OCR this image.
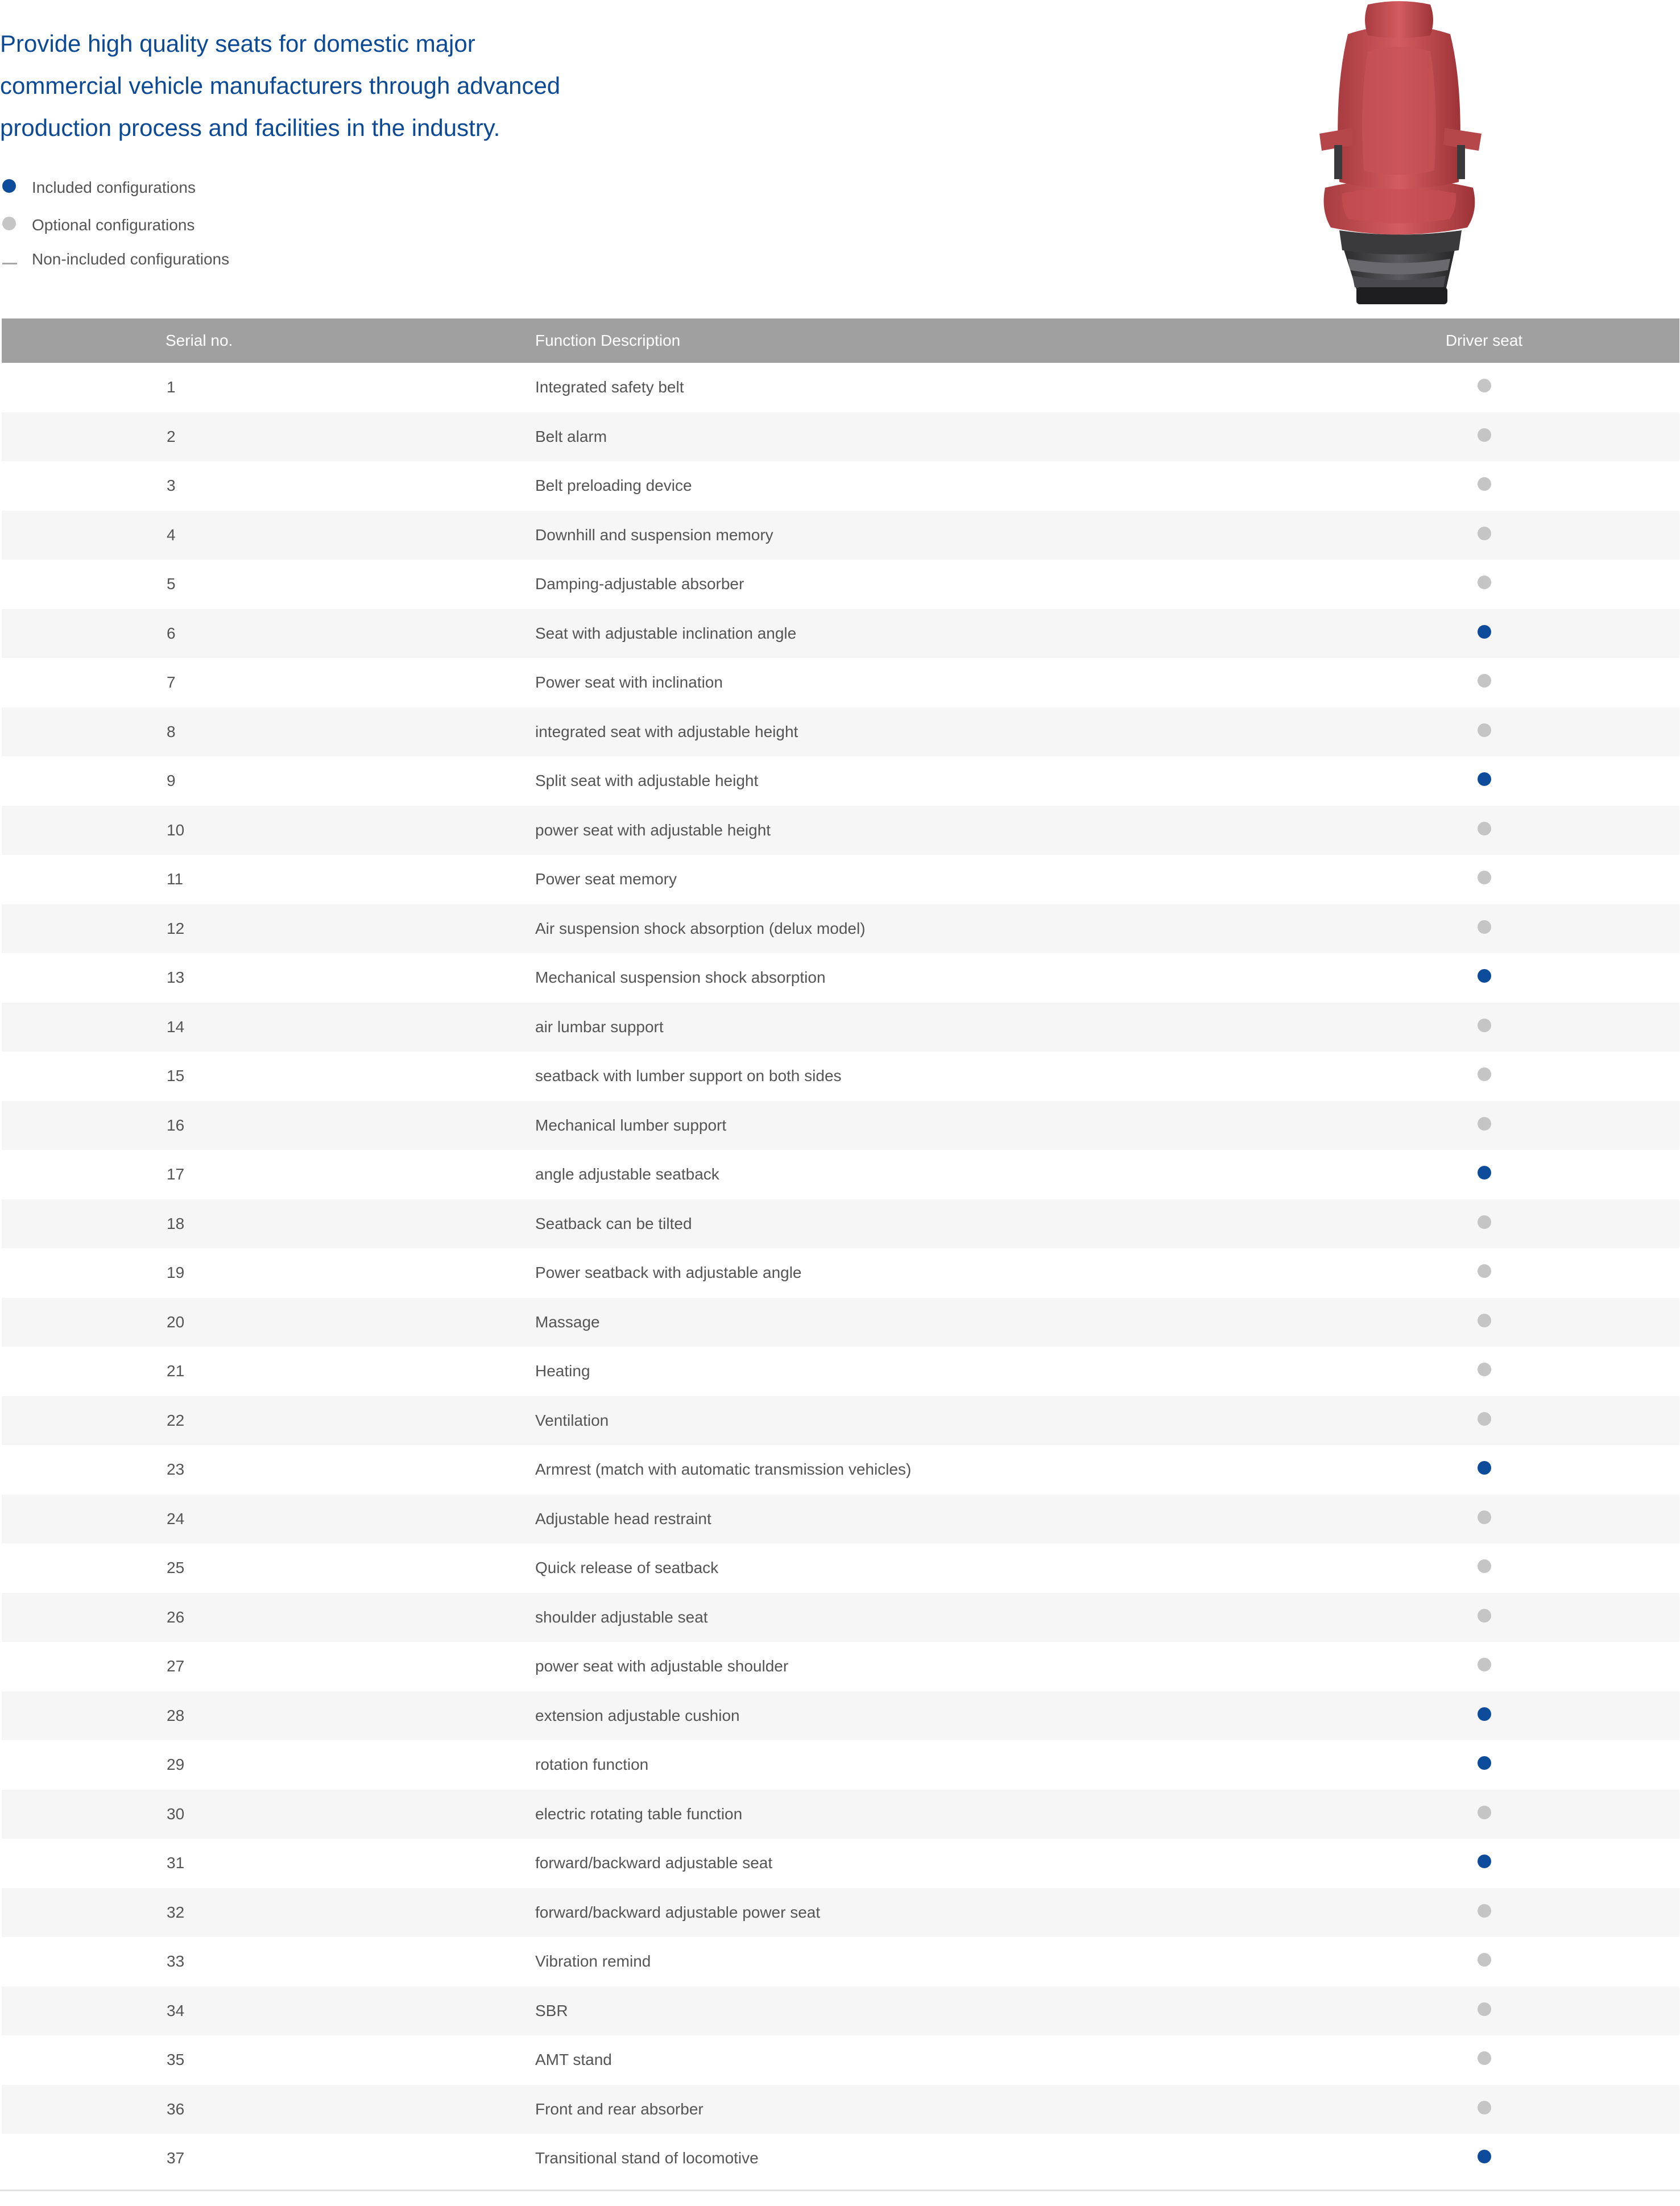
Provide high quality seats for domestic major
commercial vehicle manufacturers through advanced
production process and facilities in the industry.
Included configurations
Optional configurations
Non-included configurations
Serial no.	Function Description	Driver seat
1	Integrated safety belt	
2	Belt alarm	
3	Belt preloading device	
4	Downhill and suspension memory	
5	Damping-adjustable absorber	
6	Seat with adjustable inclination angle	
7	Power seat with inclination	
8	integrated seat with adjustable height	
9	Split seat with adjustable height	
10	power seat with adjustable height	
11	Power seat memory	
12	Air suspension shock absorption (delux model)	
13	Mechanical suspension shock absorption	
14	air lumbar support	
15	seatback with lumber support on both sides	
16	Mechanical lumber support	
17	angle adjustable seatback	
18	Seatback can be tilted	
19	Power seatback with adjustable angle	
20	Massage	
21	Heating	
22	Ventilation	
23	Armrest (match with automatic transmission vehicles)	
24	Adjustable head restraint	
25	Quick release of seatback	
26	shoulder adjustable seat	
27	power seat with adjustable shoulder	
28	extension adjustable cushion	
29	rotation function	
30	electric rotating table function	
31	forward/backward adjustable seat	
32	forward/backward adjustable power seat	
33	Vibration remind	
34	SBR	
35	AMT stand	
36	Front and rear absorber	
37	Transitional stand of locomotive	
